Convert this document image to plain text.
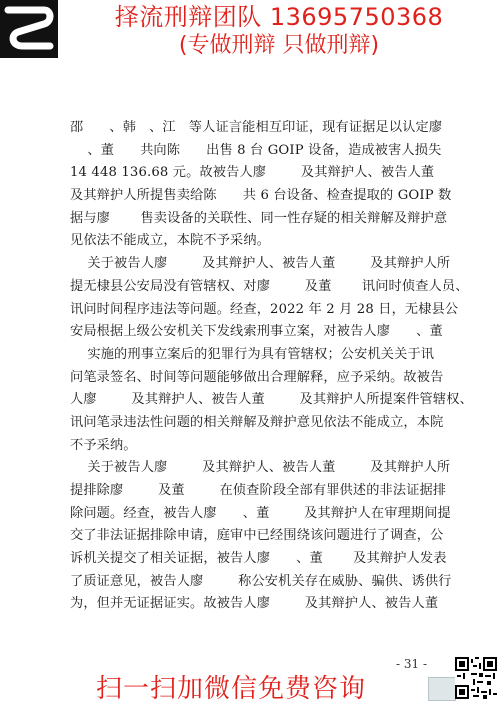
择流刑辩团队 13695750368
(专做刑辩 只做刑辩)
邵      、韩   、江   等人证言能相互印证，现有证据足以认定廖
、董      共向陈      出售 8 台 GOIP 设备，造成被害人损失
14 448 136.68 元。故被告人廖        及其辩护人、被告人董
及其辩护人所提售卖给陈      共 6 台设备、检查提取的 GOIP 数
据与廖       售卖设备的关联性、同一性存疑的相关辩解及辩护意
见依法不能成立，本院不予采纳。
关于被告人廖        及其辩护人、被告人董        及其辩护人所
提无棣县公安局没有管辖权、对廖        及董       讯问时侦查人员、
讯问时间程序违法等问题。经查，2022 年 2 月 28 日，无棣县公
安局根据上级公安机关下发线索刑事立案，对被告人廖      、董
实施的刑事立案后的犯罪行为具有管辖权；公安机关关于讯
问笔录签名、时间等问题能够做出合理解释，应予采纳。故被告
人廖        及其辩护人、被告人董        及其辩护人所提案件管辖权、
讯问笔录违法性问题的相关辩解及辩护意见依法不能成立，本院
不予采纳。
关于被告人廖        及其辩护人、被告人董        及其辩护人所
提排除廖        及董        在侦查阶段全部有罪供述的非法证据排
除问题。经查，被告人廖      、董        及其辩护人在审理期间提
交了非法证据排除申请，庭审中已经围绕该问题进行了调查，公
诉机关提交了相关证据，被告人廖      、董       及其辩护人发表
了质证意见，被告人廖        称公安机关存在威胁、骗供、诱供行
为，但并无证据证实。故被告人廖        及其辩护人、被告人董
- 31 -
扫一扫加微信免费咨询
